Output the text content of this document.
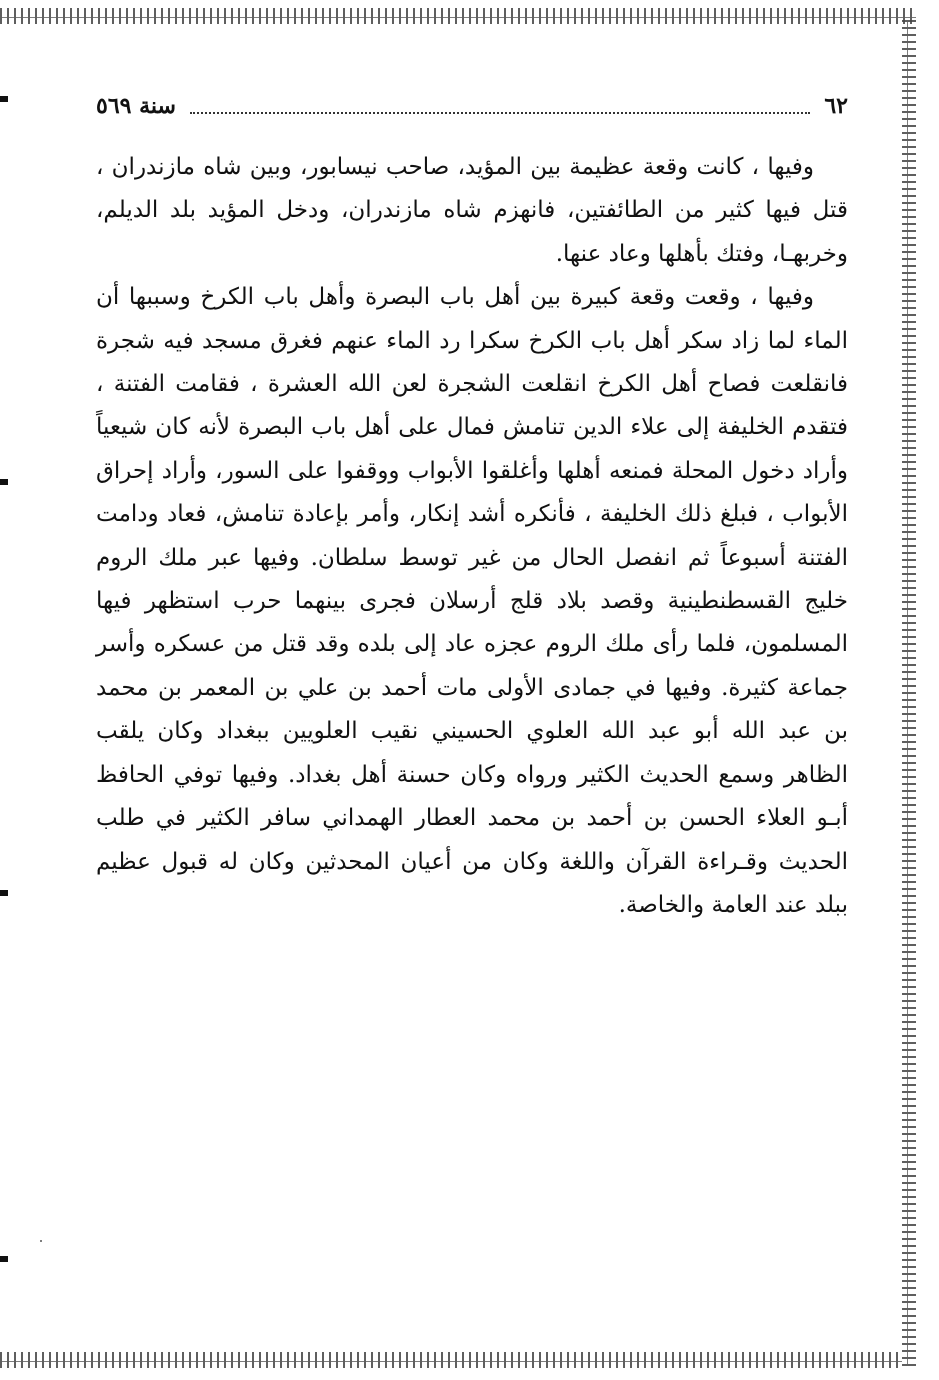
٦٢
سنة ٥٦٩

وفيها ، كانت وقعة عظيمة بين المؤيد، صاحب نيسابور، وبين شاه مازندران ، قتل فيها كثير من الطائفتين، فانهزم شاه مازندران، ودخل المؤيد بلد الديلم، وخربهـا، وفتك بأهلها وعاد عنها.

وفيها ، وقعت وقعة كبيرة بين أهل باب البصرة وأهل باب الكرخ وسببها أن الماء لما زاد سكر أهل باب الكرخ سكرا رد الماء عنهم فغرق مسجد فيه شجرة فانقلعت فصاح أهل الكرخ انقلعت الشجرة لعن الله العشرة ، فقامت الفتنة ، فتقدم الخليفة إلى علاء الدين تنامش فمال على أهل باب البصرة لأنه كان شيعياً وأراد دخول المحلة فمنعه أهلها وأغلقوا الأبواب ووقفوا على السور، وأراد إحراق الأبواب ، فبلغ ذلك الخليفة ، فأنكره أشد إنكار، وأمر بإعادة تنامش، فعاد ودامت الفتنة أسبوعاً ثم انفصل الحال من غير توسط سلطان. وفيها عبر ملك الروم خليج القسطنطينية وقصد بلاد قلج أرسلان فجرى بينهما حرب استظهر فيها المسلمون، فلما رأى ملك الروم عجزه عاد إلى بلده وقد قتل من عسكره وأسر جماعة كثيرة. وفيها في جمادى الأولى مات أحمد بن علي بن المعمر بن محمد بن عبد الله أبو عبد الله العلوي الحسيني نقيب العلويين ببغداد وكان يلقب الظاهر وسمع الحديث الكثير ورواه وكان حسنة أهل بغداد. وفيها توفي الحافظ أبـو العلاء الحسن بن أحمد بن محمد العطار الهمداني سافر الكثير في طلب الحديث وقـراءة القرآن واللغة وكان من أعيان المحدثين وكان له قبول عظيم ببلد عند العامة والخاصة.
